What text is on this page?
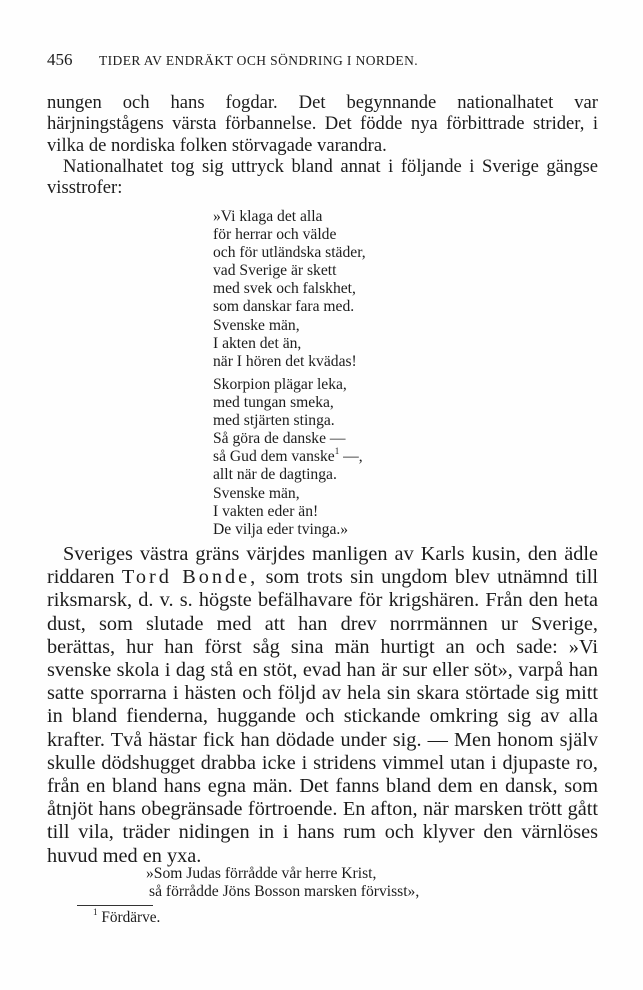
456 TIDER AV ENDRÄKT OCH SÖNDRING I NORDEN.

nungen och hans fogdar. Det begynnande nationalhatet var härjningstågens värsta förbannelse. Det födde nya förbittrade strider, i vilka de nordiska folken störvagade varandra.

Nationalhatet tog sig uttryck bland annat i följande i Sverige gängse visstrofer:

»Vi klaga det alla
för herrar och välde
och för utländska städer,
vad Sverige är skett
med svek och falskhet,
som danskar fara med.
Svenske män,
I akten det än,
när I hören det kvädas!
Skorpion plägar leka,
med tungan smeka,
med stjärten stinga.
Så göra de danske —
så Gud dem vanske$^1$ —,
allt när de dagtinga.
Svenske män,
I vakten eder än!
De vilja eder tvinga.»

Sveriges västra gräns värjdes manligen av Karls kusin, den ädle riddaren Tord Bonde, som trots sin ungdom blev utnämnd till riksmarsk, d. v. s. högste befälhavare för krigshären. Från den heta dust, som slutade med att han drev norrmännen ur Sverige, berättas, hur han först såg sina män hurtigt an och sade: »Vi svenske skola i dag stå en stöt, evad han är sur eller söt», varpå han satte sporrarna i hästen och följd av hela sin skara störtade sig mitt in bland fienderna, huggande och stickande omkring sig av alla krafter. Två hästar fick han dödade under sig. — Men honom själv skulle dödshugget drabba icke i stridens vimmel utan i djupaste ro, från en bland hans egna män. Det fanns bland dem en dansk, som åtnjöt hans obegränsade förtroende. En afton, när marsken trött gått till vila, träder nidingen in i hans rum och klyver den värnlöses huvud med en yxa.

»Som Judas förrådde vår herre Krist,
så förrådde Jöns Bosson marsken förvisst»,
$^1$ Fördärve.
